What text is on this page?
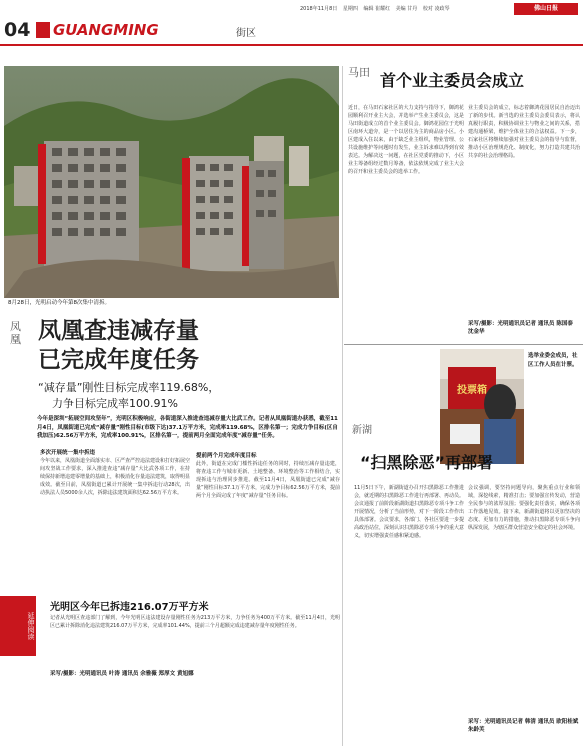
2018年11月8日 星期四 编辑 崔耀红 美编 甘丹 校对 凌政琴	佛山日报
04	GUANGMING	街区
8月28日，光明启动今年第8次集中清拆。
凤凰 凤凰查违减存量
已完成年度任务
“减存量”刚性目标完成率119.68%，
力争目标完成率100.91%
今年是深圳“拓展空间攻坚年”，光明区积极响应，各街道深入推进查违减存量大比武工作。记者从凤凰街道办获悉，截至11月4日，凤凰街道已完成“减存量”刚性目标(市级下达)37.1万平方米，完成率119.68%，区排名第一；完成力争目标(区自我加压)62.56万平方米，完成率100.91%，区排名第一，提前两月全面完成年度“减存量”任务。
多次开展统一集中拆违
今年以来，凤凰街道全面落实市、区严查严控违法建设和打好拓展空间攻坚战工作要求，深入推进查违“减存量”大比武各项工作，在持续保持新增违建零增量的基础上，积极消化存量违法建筑，取得明显成效。截至目前，凤凰街道已累计开展统一集中拆违行动28次，出动执法人员5000余人次，拆除违法建筑面积达62.56万平方米。
提前两个月完成年度目标
此外，街道在完成门槛性拆违任务的同时，持续压减存量违建，将查违工作与城市更新、土地整备、环境整治等工作相结合，实现拆违与治理同步推进。截至11月4日，凤凰街道已完成“减存量”刚性目标37.1万平方米，完成力争目标62.56万平方米，提前两个月全面完成了年度“减存量”任务目标。
延伸阅读
光明区今年已拆违216.07万平方米
记者从光明区查违部门了解到，今年光明区违法建设存量刚性任务为213万平方米，力争任务为400万平方米。截至11月4日，光明区已累计拆除消化违法建筑216.07万平方米，完成率101.44%，提前三个月超额完成违建减存量年度刚性任务。
采写/摄影：光明通讯员 叶涛 通讯员 余雅薇 郑厚文 黄旭娜
马田 首个业主委员会成立
近日，在马田石家社区的大力支持与指导下，御鸿花园顺利召开业主大会，并选举产生业主委员会，这是马田街道成立的首个业主委员会。御鸿花园位于光明区南环大道旁，是一个以居住为主的商品房小区。小区建成入住以来，由于缺乏业主组织，物业管理、公共设施维护等问题时有发生，业主诉求难以得到有效表达。为解决这一问题，在社区党委的推动下，小区业主筹备组经过数月筹备，依法依规完成了业主大会的召开和业主委员会的选举工作。
业主委员会的成立，标志着御鸿花园居民自治迈出了新的步伐。新当选的业主委员会委员表示，将认真履行职责，积极协调业主与物业之间的关系，搭建沟通桥梁，维护全体业主的合法权益。下一步，石家社区将继续加强对业主委员会的指导与监督，推动小区治理规范化、制度化，努力打造共建共治共享的社会治理格局。
采写/摄影：光明通讯员记者 通讯员 陈国泰 沈金华
投票箱
选举业委会成员，社区工作人员在计票。
新湖
“扫黑除恶”再部署
11月5日下午，新湖街道办召开扫黑除恶工作推进会，就近期的扫黑除恶工作进行再部署、再动员。会议通报了前阶段新湖街道扫黑除恶专项斗争工作开展情况，分析了当前形势，对下一阶段工作作出具体部署。会议要求，各部门、各社区要进一步提高政治站位，深刻认识扫黑除恶专项斗争的重大意义，切实增强责任感和紧迫感。
会议强调，要坚持问题导向，聚焦重点行业和领域，深挖线索，精准打击；要加强宣传发动，营造全民参与的浓厚氛围；要强化责任落实，确保各项工作落地见效。接下来，新湖街道将以更加坚决的态度、更加有力的措施，推动扫黑除恶专项斗争向纵深发展，为辖区群众营造安全稳定的社会环境。
采写：光明通讯员记者 韩清 通讯员 欧阳桂斌 朱龄芙
